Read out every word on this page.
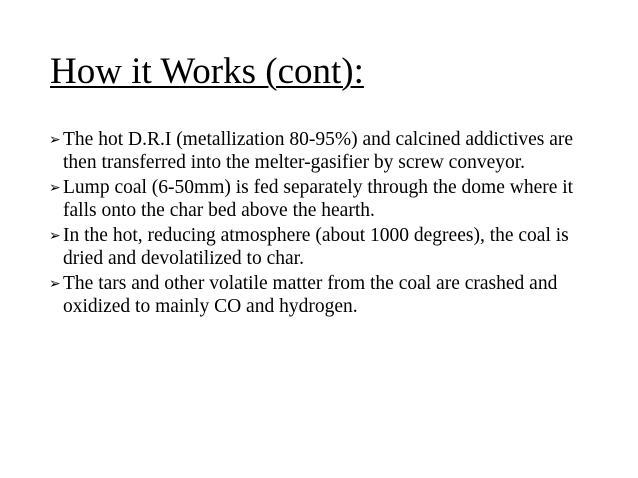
How it Works (cont):
➢ The hot D.R.I (metallization 80-95%) and calcined addictives are then transferred into the melter-gasifier by screw conveyor.
➢ Lump coal (6-50mm) is fed separately through the dome where it falls onto the char bed above the hearth.
➢ In the hot, reducing atmosphere (about 1000 degrees), the coal is dried and devolatilized to char.
➢ The tars and other volatile matter from the coal are crashed and oxidized to mainly CO and hydrogen.
